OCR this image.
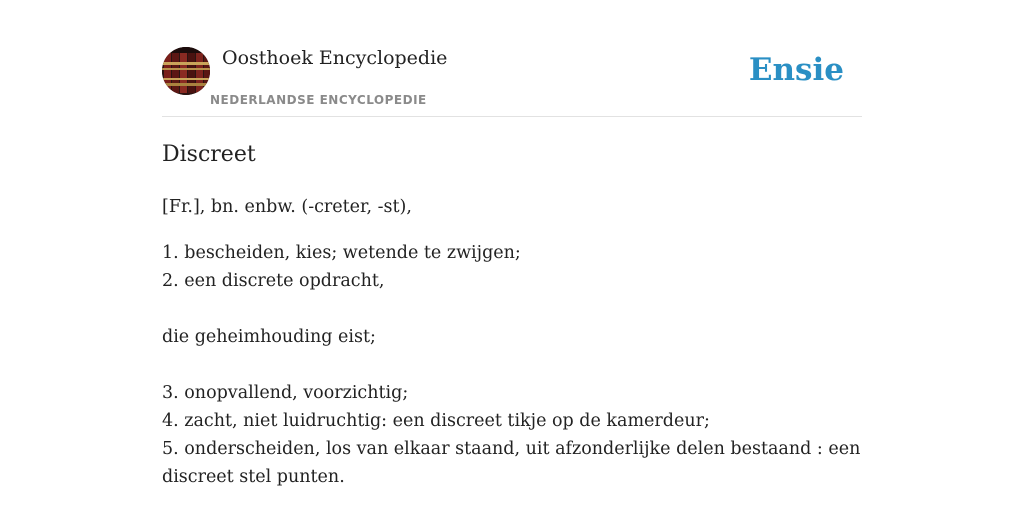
Oosthoek Encyclopedie
NEDERLANDSE ENCYCLOPEDIE
Ensie
Discreet

[Fr.], bn. enbw. (-creter, -st),

1. bescheiden, kies; wetende te zwijgen;
2. een discrete opdracht,
die geheimhouding eist;
3. onopvallend, voorzichtig;
4. zacht, niet luidruchtig: een discreet tikje op de kamerdeur;
5. onderscheiden, los van elkaar staand, uit afzonderlijke delen bestaand : een
discreet stel punten.
